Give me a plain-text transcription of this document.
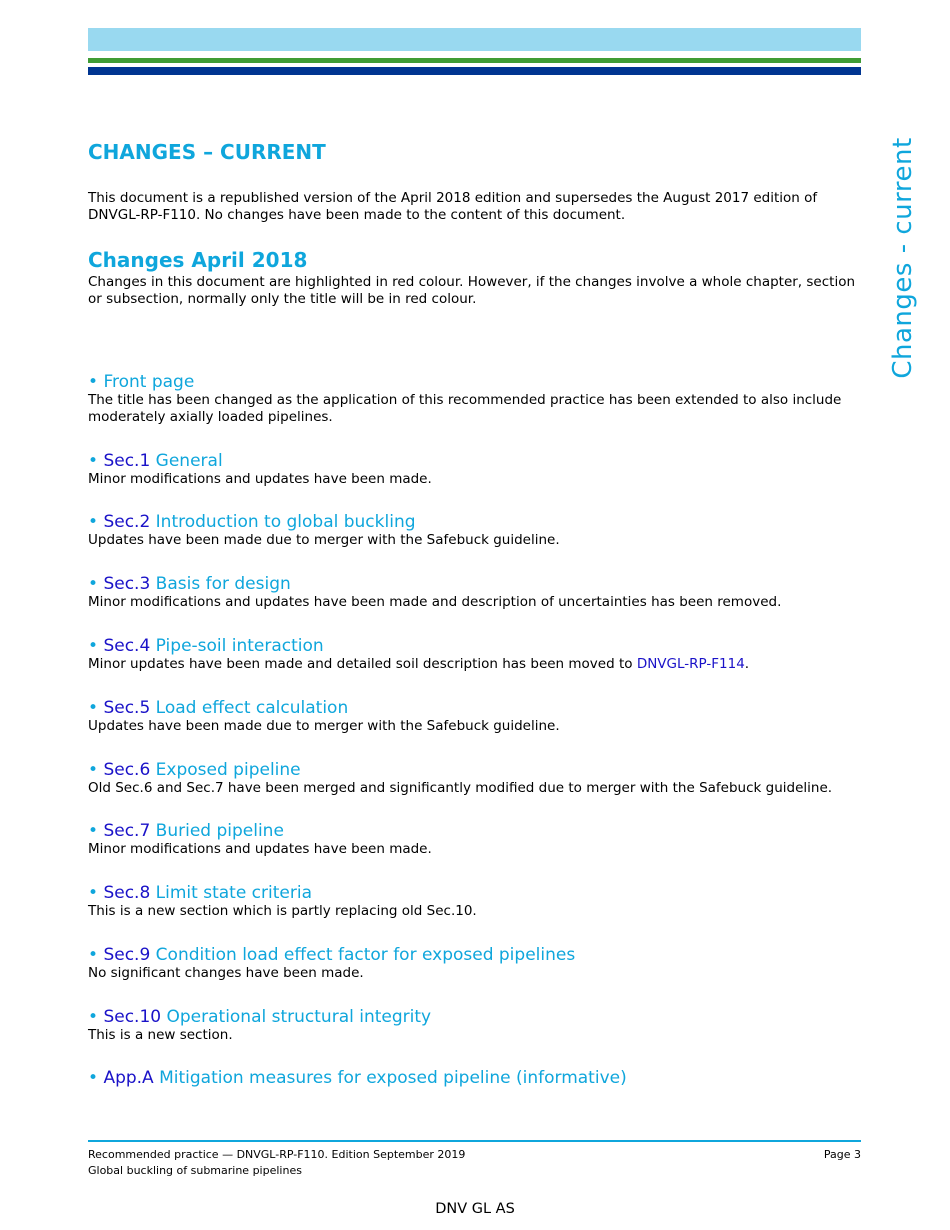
Changes - current
CHANGES – CURRENT
This document is a republished version of the April 2018 edition and supersedes the August 2017 edition of DNVGL-RP-F110. No changes have been made to the content of this document.
Changes April 2018
Changes in this document are highlighted in red colour. However, if the changes involve a whole chapter, section or subsection, normally only the title will be in red colour.
• Front page
The title has been changed as the application of this recommended practice has been extended to also include moderately axially loaded pipelines.
• Sec.1 General
Minor modifications and updates have been made.
• Sec.2 Introduction to global buckling
Updates have been made due to merger with the Safebuck guideline.
• Sec.3 Basis for design
Minor modifications and updates have been made and description of uncertainties has been removed.
• Sec.4 Pipe-soil interaction
Minor updates have been made and detailed soil description has been moved to DNVGL-RP-F114.
• Sec.5 Load effect calculation
Updates have been made due to merger with the Safebuck guideline.
• Sec.6 Exposed pipeline
Old Sec.6 and Sec.7 have been merged and significantly modified due to merger with the Safebuck guideline.
• Sec.7 Buried pipeline
Minor modifications and updates have been made.
• Sec.8 Limit state criteria
This is a new section which is partly replacing old Sec.10.
• Sec.9 Condition load effect factor for exposed pipelines
No significant changes have been made.
• Sec.10 Operational structural integrity
This is a new section.
• App.A Mitigation measures for exposed pipeline (informative)
Recommended practice — DNVGL-RP-F110. Edition September 2019
Global buckling of submarine pipelines
Page 3
DNV GL AS
